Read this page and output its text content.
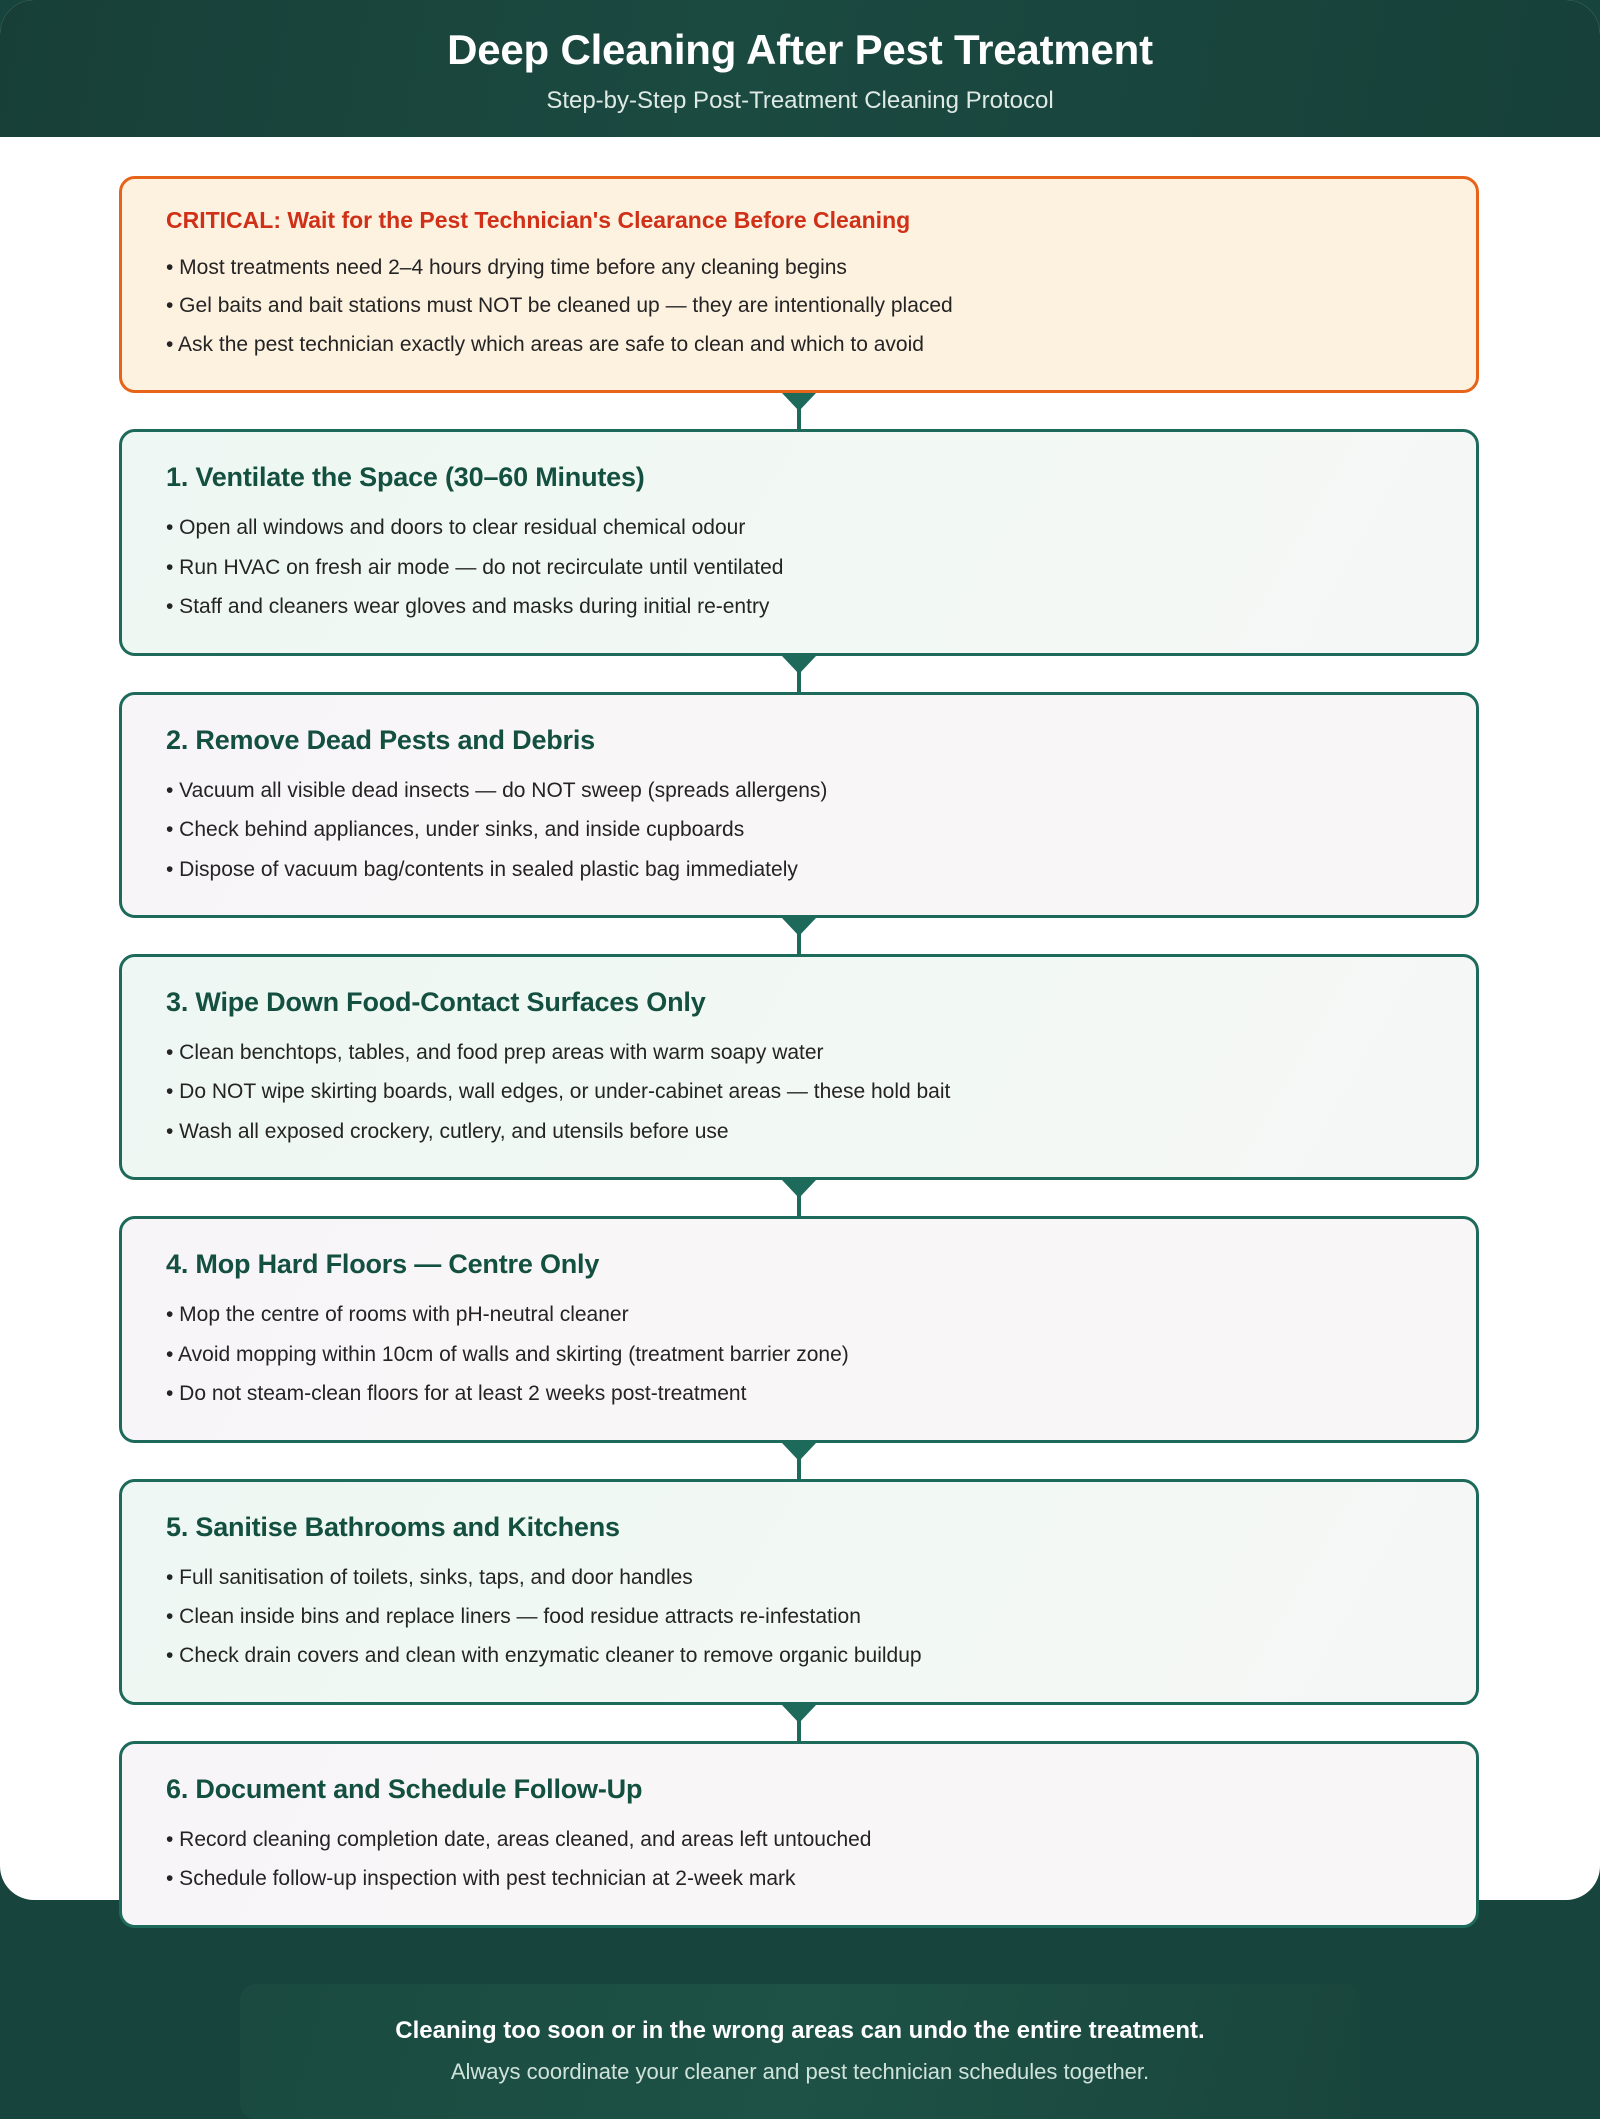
Deep Cleaning After Pest Treatment
Step-by-Step Post-Treatment Cleaning Protocol
CRITICAL: Wait for the Pest Technician's Clearance Before Cleaning
• Most treatments need 2–4 hours drying time before any cleaning begins
• Gel baits and bait stations must NOT be cleaned up — they are intentionally placed
• Ask the pest technician exactly which areas are safe to clean and which to avoid
1. Ventilate the Space (30–60 Minutes)
• Open all windows and doors to clear residual chemical odour
• Run HVAC on fresh air mode — do not recirculate until ventilated
• Staff and cleaners wear gloves and masks during initial re-entry
2. Remove Dead Pests and Debris
• Vacuum all visible dead insects — do NOT sweep (spreads allergens)
• Check behind appliances, under sinks, and inside cupboards
• Dispose of vacuum bag/contents in sealed plastic bag immediately
3. Wipe Down Food-Contact Surfaces Only
• Clean benchtops, tables, and food prep areas with warm soapy water
• Do NOT wipe skirting boards, wall edges, or under-cabinet areas — these hold bait
• Wash all exposed crockery, cutlery, and utensils before use
4. Mop Hard Floors — Centre Only
• Mop the centre of rooms with pH-neutral cleaner
• Avoid mopping within 10cm of walls and skirting (treatment barrier zone)
• Do not steam-clean floors for at least 2 weeks post-treatment
5. Sanitise Bathrooms and Kitchens
• Full sanitisation of toilets, sinks, taps, and door handles
• Clean inside bins and replace liners — food residue attracts re-infestation
• Check drain covers and clean with enzymatic cleaner to remove organic buildup
6. Document and Schedule Follow-Up
• Record cleaning completion date, areas cleaned, and areas left untouched
• Schedule follow-up inspection with pest technician at 2-week mark
Cleaning too soon or in the wrong areas can undo the entire treatment.
Always coordinate your cleaner and pest technician schedules together.
